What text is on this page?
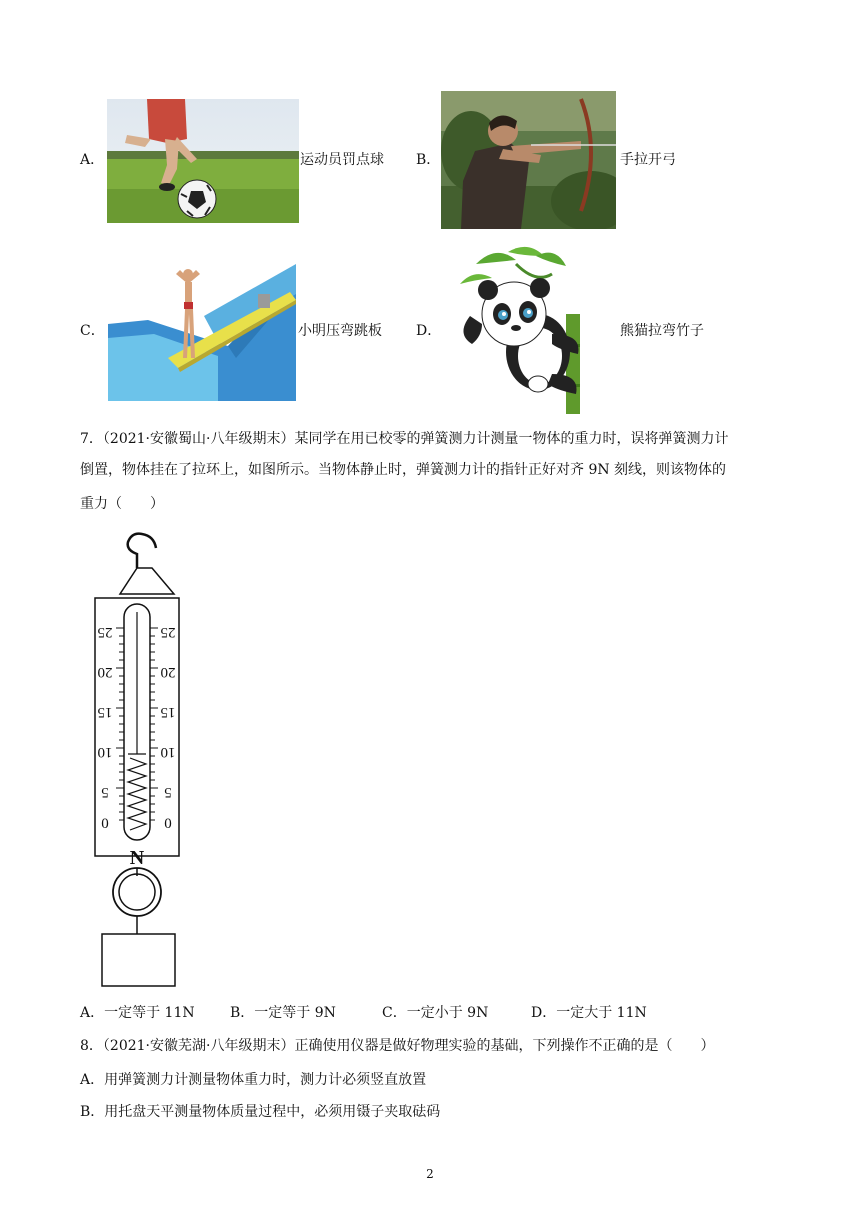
A．	运动员罚点球 B．	手拉开弓
C．	小明压弯跳板 D．	熊猫拉弯竹子
7．（2021·安徽蜀山·八年级期末）某同学在用已校零的弹簧测力计测量一物体的重力时，误将弹簧测力计
倒置，物体挂在了拉环上，如图所示。当物体静止时，弹簧测力计的指针正好对齐 9N 刻线，则该物体的
重力（　　）
25
20
15
10
5
0
25
20
15
10
5
0
N
A．一定等于 11N	B．一定等于 9N	C．一定小于 9N	D．一定大于 11N
8．（2021·安徽芜湖·八年级期末）正确使用仪器是做好物理实验的基础，下列操作不正确的是（　　）
A．用弹簧测力计测量物体重力时，测力计必须竖直放置
B．用托盘天平测量物体质量过程中，必须用镊子夹取砝码
2
